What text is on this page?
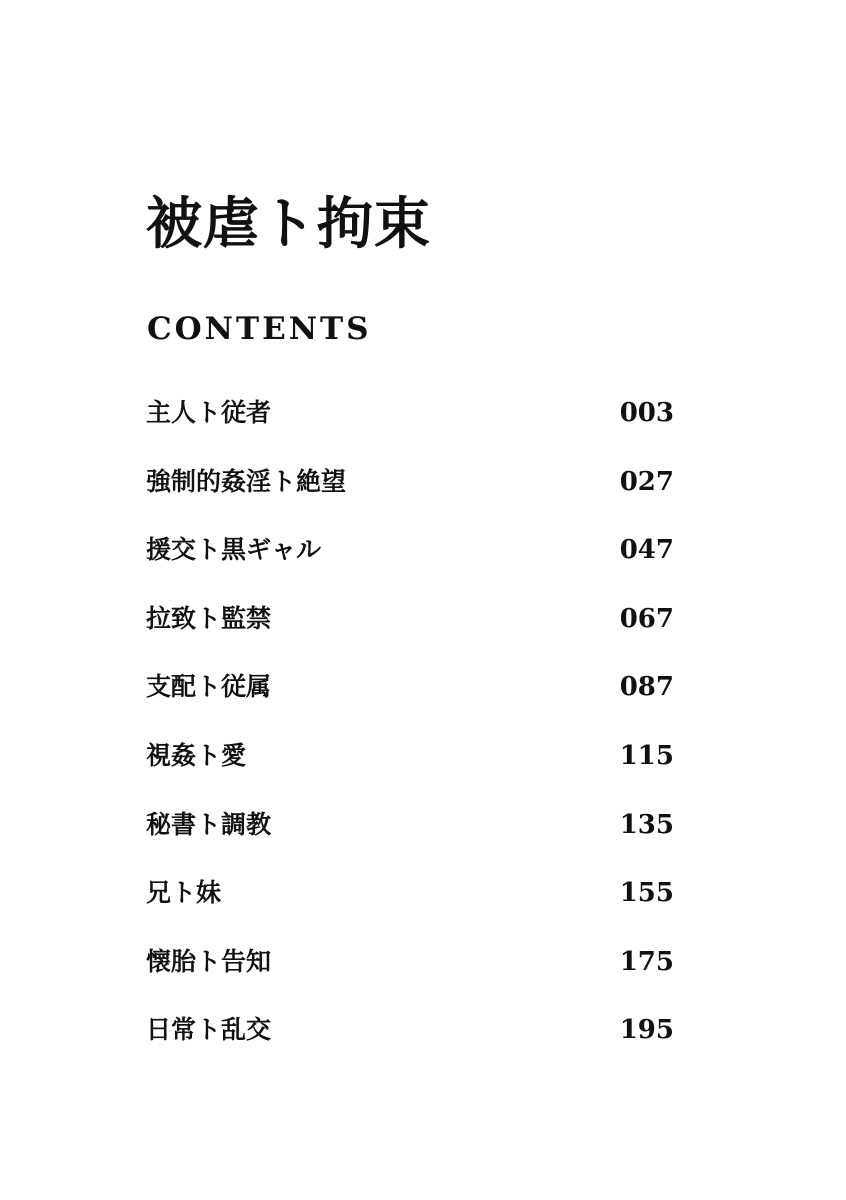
被虐ト拘束
CONTENTS
主人ト従者	003
強制的姦淫ト絶望	027
援交ト黒ギャル	047
拉致ト監禁	067
支配ト従属	087
視姦ト愛	115
秘書ト調教	135
兄ト妹	155
懐胎ト告知	175
日常ト乱交	195
